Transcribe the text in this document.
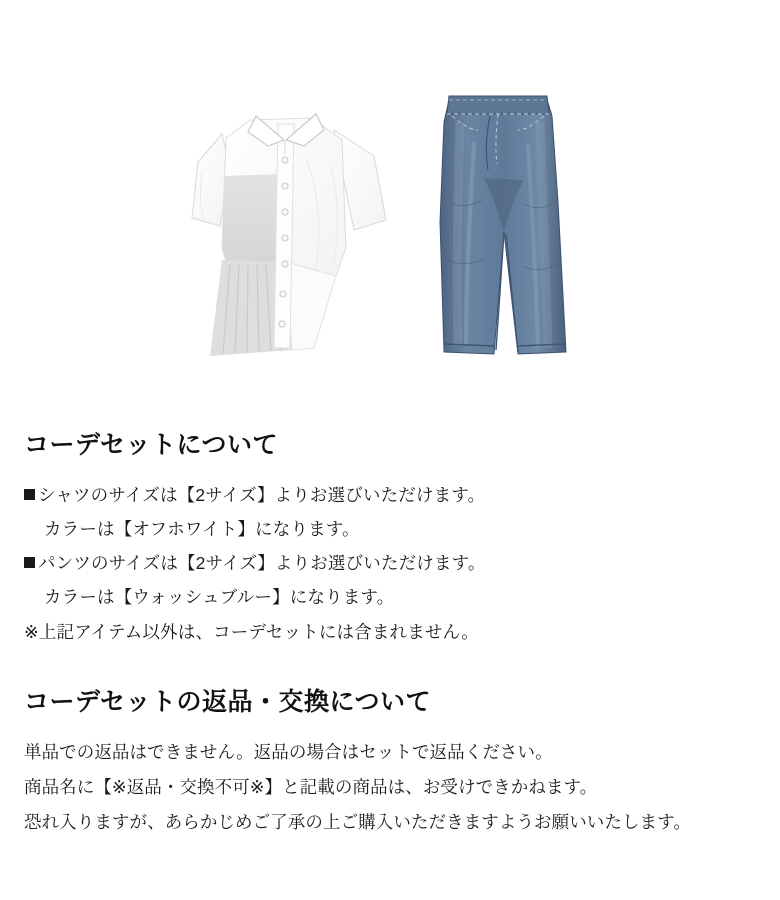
コーデセットについて
シャツのサイズは【2サイズ】よりお選びいただけます。
カラーは【オフホワイト】になります。
パンツのサイズは【2サイズ】よりお選びいただけます。
カラーは【ウォッシュブルー】になります。
※上記アイテム以外は、コーデセットには含まれません。
コーデセットの返品・交換について
単品での返品はできません。返品の場合はセットで返品ください。
商品名に【※返品・交換不可※】と記載の商品は、お受けできかねます。
恐れ入りますが、あらかじめご了承の上ご購入いただきますようお願いいたします。
